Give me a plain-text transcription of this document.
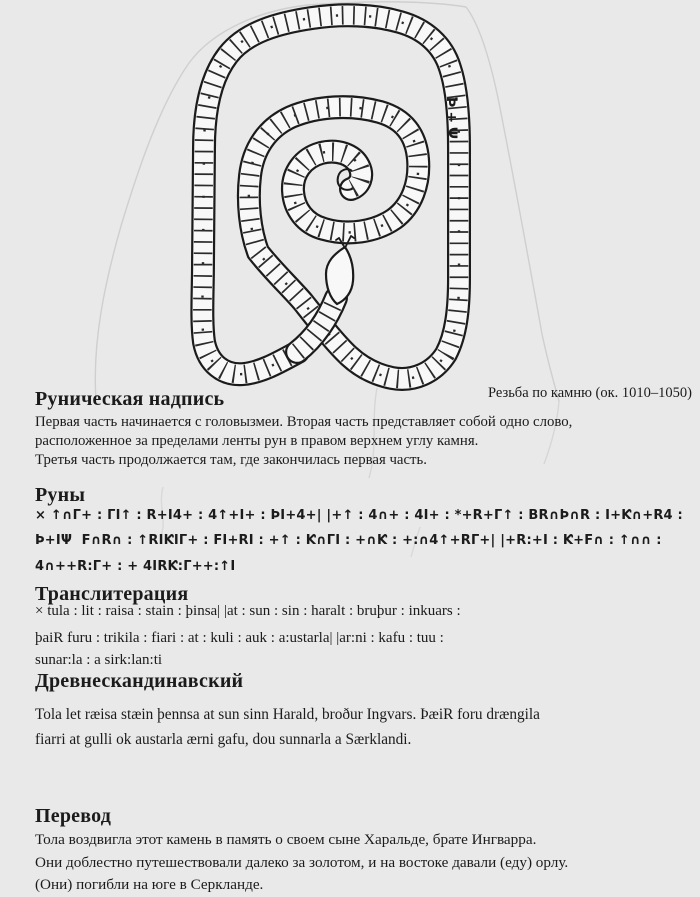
Þ+Ψ
Резьба по камню (ок. 1010–1050)
Руническая надпись
Первая часть начинается с головызмеи. Вторая часть представляет собой одно слово,
расположенное за пределами ленты рун в правом верхнем углу камня.
Третья часть продолжается там, где закончилась первая часть.
Руны
× ↑∩Γ+ : ΓΙ↑ : R+Ι4+ : 4↑+Ι+ : ÞΙ+4+| |+↑ : 4∩+ : 4Ι+ : *+R+Γ↑ : BR∩Þ∩R : Ι+Ƙ∩+R4 :
Þ+ΙΨ  Ϝ∩R∩ : ↑RΙƘΙΓ+ : ϜΙ+RΙ : +↑ : Ƙ∩ΓΙ : +∩Ƙ : +:∩4↑+RΓ+| |+R:+Ι : Ƙ+Ϝ∩ : ↑∩∩ :
4∩++R:Γ+ : + 4ΙRƘ:Γ++:↑Ι
Транслитерация
× tula : lit : raisa : stain : þinsa| |at : sun : sin : haralt : bruþur : inkuars :
þaiR furu : trikila : fiari : at : kuli : auk : a:ustarla| |ar:ni : kafu : tuu :
sunar:la : a sirk:lan:ti
Древнескандинавский
Tola let ræisa stæin þennsa at sun sinn Harald, broður Ingvars. ÞæiR foru drængila
fiarri at gulli ok austarla ærni gafu, dou sunnarla a Særklandi.
Перевод
Тола воздвигла этот камень в память о своем сыне Харальде, брате Ингварра.
Они доблестно путешествовали далеко за золотом, и на востоке давали (еду) орлу.
(Они) погибли на юге в Серкланде.
